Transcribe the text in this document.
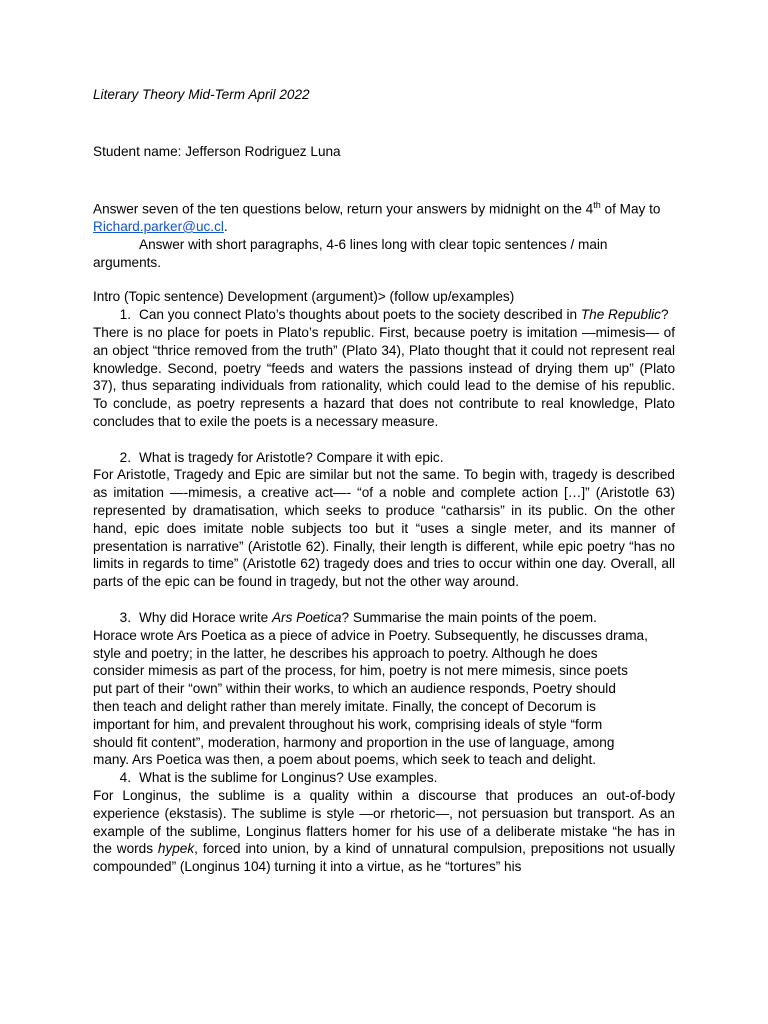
Literary Theory Mid-Term April 2022

Student name: Jefferson Rodriguez Luna
Answer seven of the ten questions below, return your answers by midnight on the 4th of May to Richard.parker@uc.cl.
Answer with short paragraphs, 4-6 lines long with clear topic sentences / main arguments.
Intro (Topic sentence) Development (argument)> (follow up/examples)
1. Can you connect Plato’s thoughts about poets to the society described in The Republic?
There is no place for poets in Plato’s republic. First, because poetry is imitation —mimesis— of an object “thrice removed from the truth” (Plato 34), Plato thought that it could not represent real knowledge. Second, poetry “feeds and waters the passions instead of drying them up” (Plato 37), thus separating individuals from rationality, which could lead to the demise of his republic. To conclude, as poetry represents a hazard that does not contribute to real knowledge, Plato concludes that to exile the poets is a necessary measure.
2. What is tragedy for Aristotle? Compare it with epic.
For Aristotle, Tragedy and Epic are similar but not the same. To begin with, tragedy is described as imitation —-mimesis, a creative act—- “of a noble and complete action […]” (Aristotle 63) represented by dramatisation, which seeks to produce “catharsis” in its public. On the other hand, epic does imitate noble subjects too but it “uses a single meter, and its manner of presentation is narrative” (Aristotle 62). Finally, their length is different, while epic poetry “has no limits in regards to time” (Aristotle 62) tragedy does and tries to occur within one day. Overall, all parts of the epic can be found in tragedy, but not the other way around.
3. Why did Horace write Ars Poetica? Summarise the main points of the poem.
Horace wrote Ars Poetica as a piece of advice in Poetry. Subsequently, he discusses drama,
style and poetry; in the latter, he describes his approach to poetry. Although he does
consider mimesis as part of the process, for him, poetry is not mere mimesis, since poets
put part of their “own” within their works, to which an audience responds, Poetry should
then teach and delight rather than merely imitate. Finally, the concept of Decorum is
important for him, and prevalent throughout his work, comprising ideals of style “form
should fit content”, moderation, harmony and proportion in the use of language, among
many. Ars Poetica was then, a poem about poems, which seek to teach and delight.
4. What is the sublime for Longinus? Use examples.
For Longinus, the sublime is a quality within a discourse that produces an out-of-body experience (ekstasis). The sublime is style —or rhetoric—, not persuasion but transport. As an example of the sublime, Longinus flatters homer for his use of a deliberate mistake “he has in the words hypek, forced into union, by a kind of unnatural compulsion, prepositions not usually compounded” (Longinus 104) turning it into a virtue, as he “tortures” his
